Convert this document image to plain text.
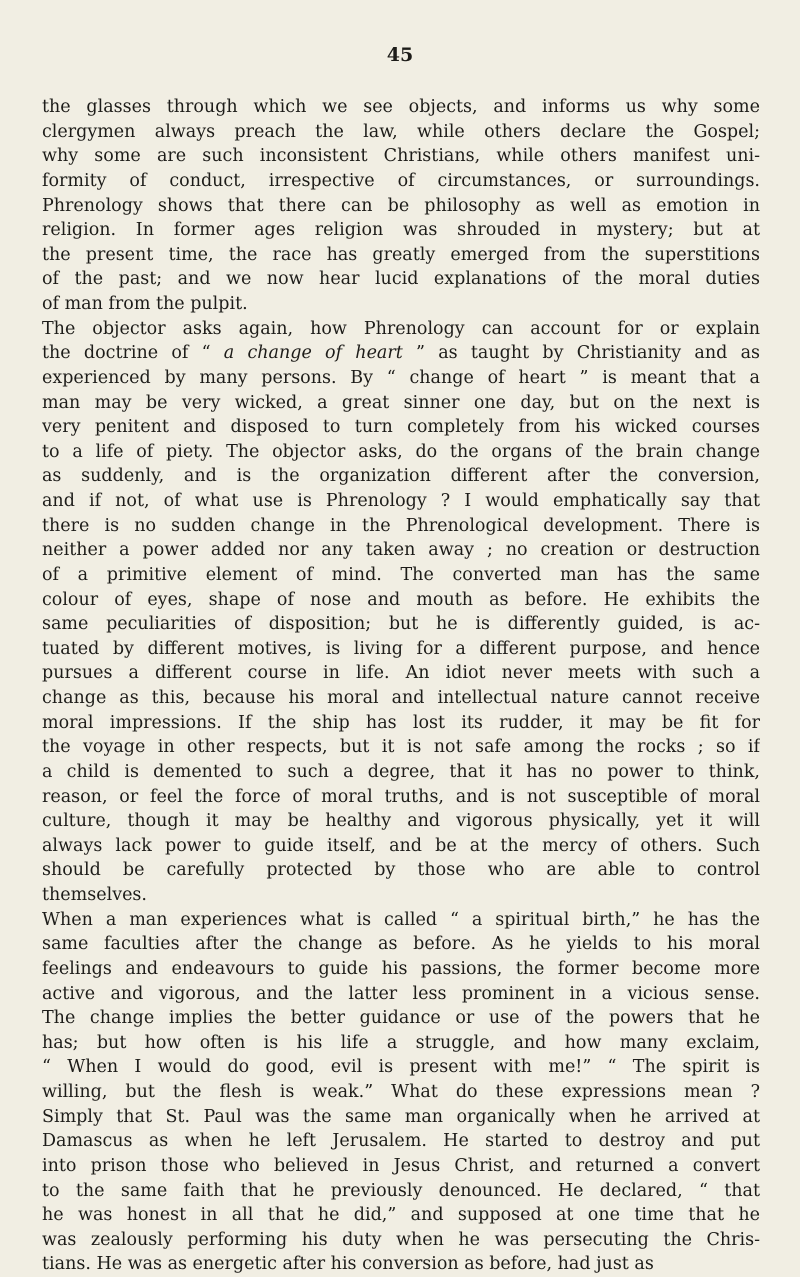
45
the glasses through which we see objects, and informs us why some
clergymen always preach the law, while others declare the Gospel;
why some are such inconsistent Christians, while others manifest uni-
formity of conduct, irrespective of circumstances, or surroundings.
Phrenology shows that there can be philosophy as well as emotion in
religion. In former ages religion was shrouded in mystery; but at
the present time, the race has greatly emerged from the superstitions
of the past; and we now hear lucid explanations of the moral duties
of man from the pulpit.
The objector asks again, how Phrenology can account for or explain
the doctrine of “ a change of heart ” as taught by Christianity and as
experienced by many persons. By “ change of heart ” is meant that a
man may be very wicked, a great sinner one day, but on the next is
very penitent and disposed to turn completely from his wicked courses
to a life of piety. The objector asks, do the organs of the brain change
as suddenly, and is the organization different after the conversion,
and if not, of what use is Phrenology ? I would emphatically say that
there is no sudden change in the Phrenological development. There is
neither a power added nor any taken away ; no creation or destruction
of a primitive element of mind. The converted man has the same
colour of eyes, shape of nose and mouth as before. He exhibits the
same peculiarities of disposition; but he is differently guided, is ac-
tuated by different motives, is living for a different purpose, and hence
pursues a different course in life. An idiot never meets with such a
change as this, because his moral and intellectual nature cannot receive
moral impressions. If the ship has lost its rudder, it may be fit for
the voyage in other respects, but it is not safe among the rocks ; so if
a child is demented to such a degree, that it has no power to think,
reason, or feel the force of moral truths, and is not susceptible of moral
culture, though it may be healthy and vigorous physically, yet it will
always lack power to guide itself, and be at the mercy of others. Such
should be carefully protected by those who are able to control
themselves.
When a man experiences what is called “ a spiritual birth,” he has the
same faculties after the change as before. As he yields to his moral
feelings and endeavours to guide his passions, the former become more
active and vigorous, and the latter less prominent in a vicious sense.
The change implies the better guidance or use of the powers that he
has; but how often is his life a struggle, and how many exclaim,
“ When I would do good, evil is present with me!” “ The spirit is
willing, but the flesh is weak.” What do these expressions mean ?
Simply that St. Paul was the same man organically when he arrived at
Damascus as when he left Jerusalem. He started to destroy and put
into prison those who believed in Jesus Christ, and returned a convert
to the same faith that he previously denounced. He declared, “ that
he was honest in all that he did,” and supposed at one time that he
was zealously performing his duty when he was persecuting the Chris-
tians. He was as energetic after his conversion as before, had just as
